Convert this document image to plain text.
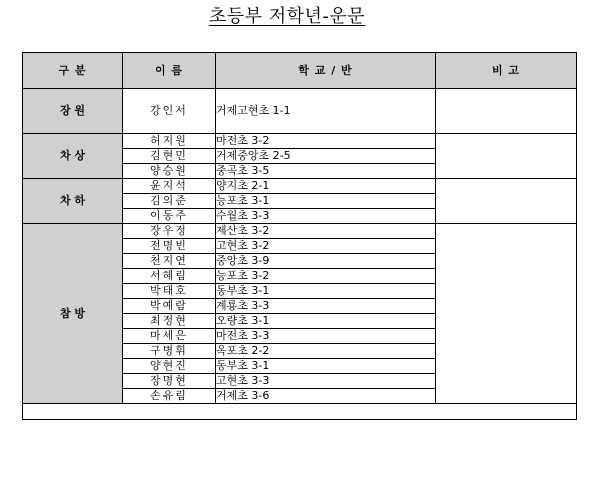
초등부 저학년-운문
구 분	이 름	학 교 / 반	비 고
장 원	강인서	거제고현초 1-1	
차 상	허지원	마전초 3-2	
	김현민	거제중앙초 2-5	
	양승원	중곡초 3-5	
차 하	윤지석	양지초 2-1	
	김의준	능포초 3-1	
	이동주	수월초 3-3	
참 방	장우정	제산초 3-2	
	전명빈	고현초 3-2	
	천지연	중앙초 3-9	
	서혜림	능포초 3-2	
	박태호	동부초 3-1	
	박예람	계룡초 3-3	
	최정현	오량초 3-1	
	마세은	마전초 3-3	
	구병휘	옥포초 2-2	
	양현진	동부초 3-1	
	장명현	고현초 3-3	
	손유림	거제초 3-6	
